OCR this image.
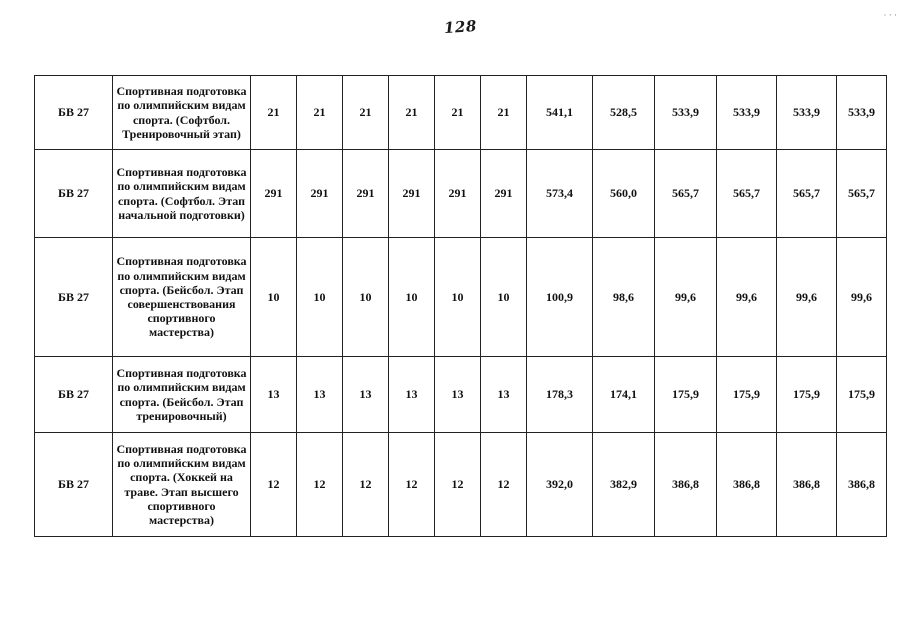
128
· · ·
БВ 27	Спортивная подготовка по олимпийским видам спорта. (Софтбол. Тренировочный этап)	21	21	21	21	21	21	541,1	528,5	533,9	533,9	533,9	533,9
БВ 27	Спортивная подготовка по олимпийским видам спорта. (Софтбол. Этап начальной подготовки)	291	291	291	291	291	291	573,4	560,0	565,7	565,7	565,7	565,7
БВ 27	Спортивная подготовка по олимпийским видам спорта. (Бейсбол. Этап совершенствования спортивного мастерства)	10	10	10	10	10	10	100,9	98,6	99,6	99,6	99,6	99,6
БВ 27	Спортивная подготовка по олимпийским видам спорта. (Бейсбол. Этап тренировочный)	13	13	13	13	13	13	178,3	174,1	175,9	175,9	175,9	175,9
БВ 27	Спортивная подготовка по олимпийским видам спорта. (Хоккей на траве. Этап высшего спортивного мастерства)	12	12	12	12	12	12	392,0	382,9	386,8	386,8	386,8	386,8
